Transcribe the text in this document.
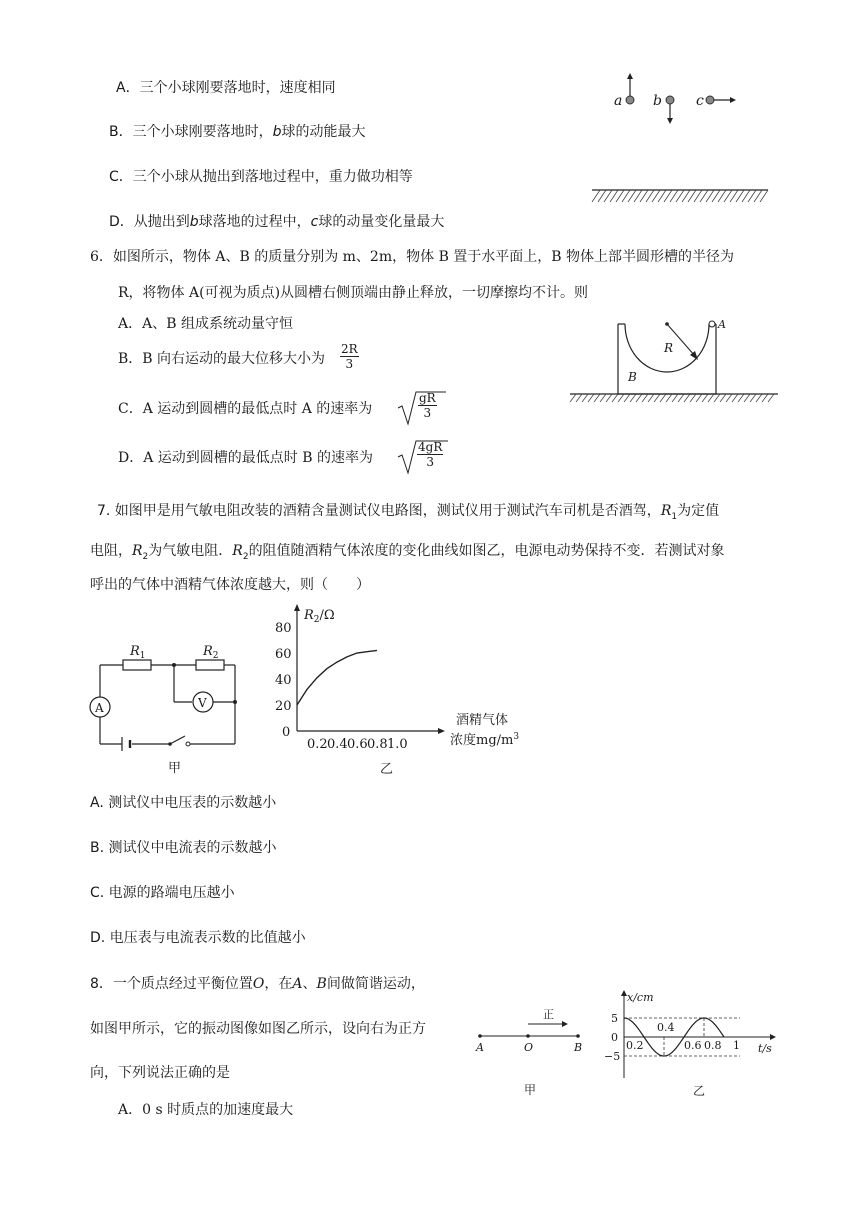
A．三个小球刚要落地时，速度相同
B．三个小球刚要落地时，b球的动能最大
C．三个小球从抛出到落地过程中，重力做功相等
D．从抛出到b球落地的过程中，c球的动量变化量最大
a b c
6．如图所示，物体 A、B 的质量分别为 m、2m，物体 B 置于水平面上，B 物体上部半圆形槽的半径为
R，将物体 A(可视为质点)从圆槽右侧顶端由静止释放，一切摩擦均不计。则
A．A、B 组成系统动量守恒
B．B 向右运动的最大位移大小为 $\frac{2R}{3}$
C．A 运动到圆槽的最低点时 A 的速率为	$\frac{gR}{3}$
D．A 运动到圆槽的最低点时 B 的速率为	$\frac{4gR}{3}$
R
A
B
7. 如图甲是用气敏电阻改装的酒精含量测试仪电路图，测试仪用于测试汽车司机是否酒驾，$R_1$为定值
电阻，$R_2$为气敏电阻．$R_2$的阻值随酒精气体浓度的变化曲线如图乙，电源电动势保持不变．若测试对象
呼出的气体中酒精气体浓度越大，则（　　）
$R_1$	$R_2$
A	V
甲
$R_2/\Omega$
酒精气体
浓度$mg/m^3$
0
20
40
60
80
0.2 0.4 0.6 0.8 1.0
乙
A. 测试仪中电压表的示数越小
B. 测试仪中电流表的示数越小
C. 电源的路端电压越小
D. 电压表与电流表示数的比值越小
8．一个质点经过平衡位置O，在A、B间做简谐运动，
如图甲所示，它的振动图像如图乙所示，设向右为正方
向，下列说法正确的是
A．0 s 时质点的加速度最大
正
A	O	B
甲
x/cm
t/s
5
0
−5
0.2
0.4
0.6 0.8 1
乙
